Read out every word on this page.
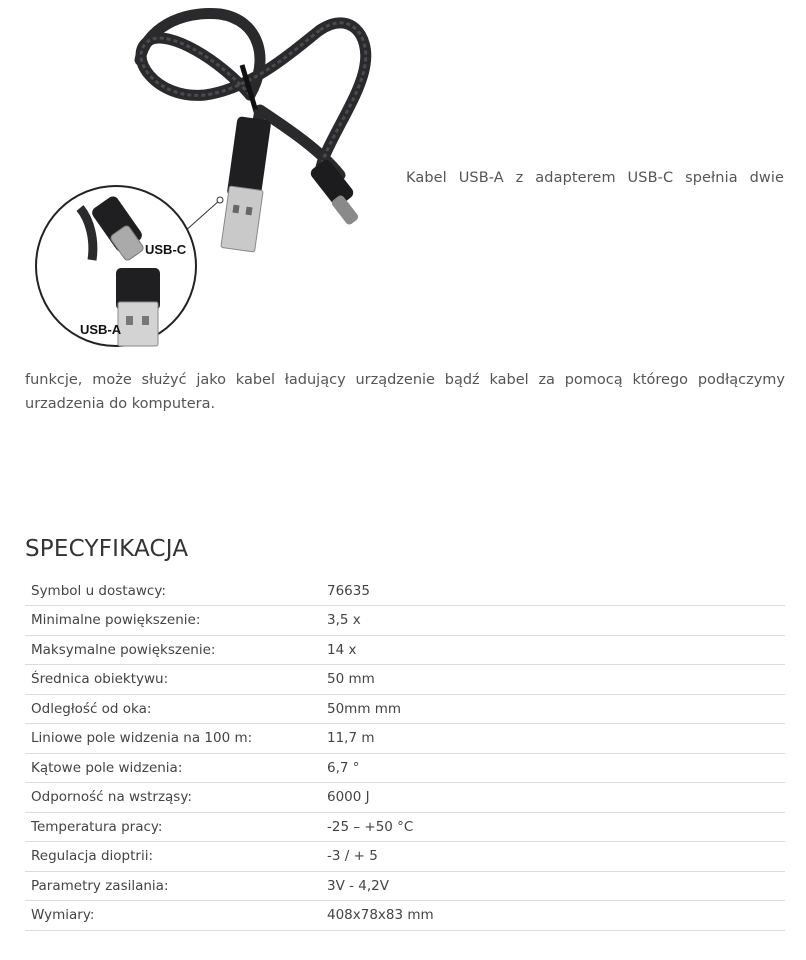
USB-C
USB-A
Kabel USB-A z adapterem USB-C spełnia dwie
funkcje, może służyć jako kabel ładujący urządzenie bądź kabel za pomocą którego podłączymy
urzadzenia do komputera.
SPECYFIKACJA
Symbol u dostawcy:	76635
Minimalne powiększenie:	3,5 x
Maksymalne powiększenie:	14 x
Średnica obiektywu:	50 mm
Odległość od oka:	50mm mm
Liniowe pole widzenia na 100 m:	11,7 m
Kątowe pole widzenia:	6,7 °
Odporność na wstrząsy:	6000 J
Temperatura pracy:	-25 – +50 °C
Regulacja dioptrii:	-3 / + 5
Parametry zasilania:	3V - 4,2V
Wymiary:	408x78x83 mm
